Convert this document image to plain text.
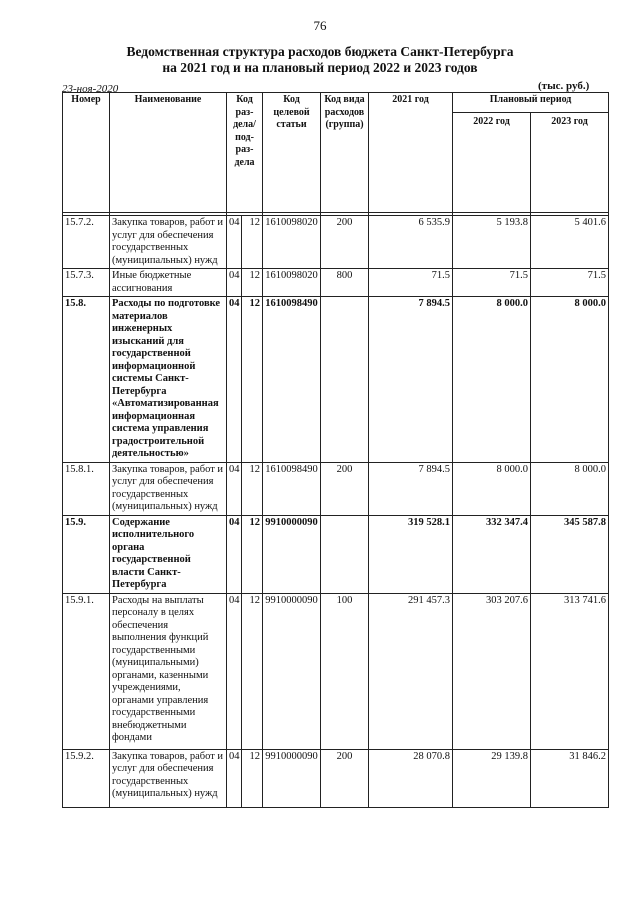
76
Ведомственная структура расходов бюджета Санкт-Петербурга
на 2021 год и на плановый период 2022 и 2023 годов
23-ноя-2020	(тыс. руб.)
Номер	Наименование	Код раз- дела/ под- раз- дела		Код целевой статьи	Код вида расходов (группа)	2021 год	Плановый период	
							2022 год	2023 год

15.7.2.	Закупка товаров, работ и услуг для обеспечения государственных (муниципальных) нужд	04	12	1610098020	200	6 535.9	5 193.8	5 401.6
15.7.3.	Иные бюджетные ассигнования	04	12	1610098020	800	71.5	71.5	71.5
15.8.	Расходы по подготовке материалов инженерных изысканий для государственной информационной системы Санкт-Петербурга «Автоматизированная информационная система управления градостроительной деятельностью»	04	12	1610098490		7 894.5	8 000.0	8 000.0
15.8.1.	Закупка товаров, работ и услуг для обеспечения государственных (муниципальных) нужд	04	12	1610098490	200	7 894.5	8 000.0	8 000.0
15.9.	Содержание исполнительного органа государственной власти Санкт-Петербурга	04	12	9910000090		319 528.1	332 347.4	345 587.8
15.9.1.	Расходы на выплаты персоналу в целях обеспечения выполнения функций государственными (муниципальными) органами, казенными учреждениями, органами управления государственными внебюджетными фондами	04	12	9910000090	100	291 457.3	303 207.6	313 741.6
15.9.2.	Закупка товаров, работ и услуг для обеспечения государственных (муниципальных) нужд	04	12	9910000090	200	28 070.8	29 139.8	31 846.2
